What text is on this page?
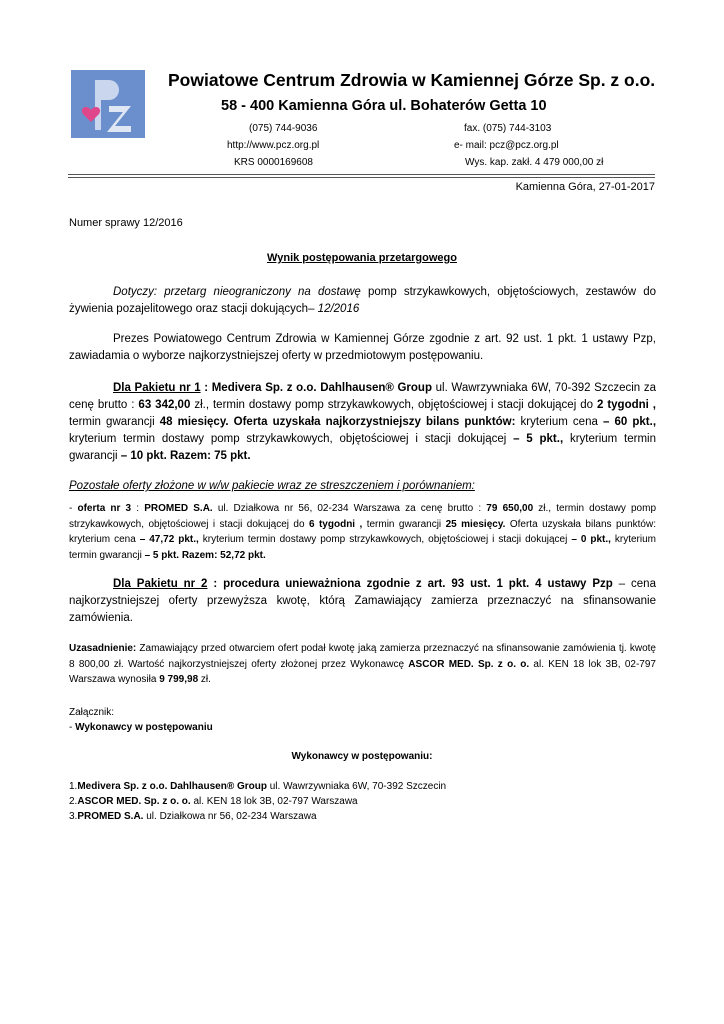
Powiatowe Centrum Zdrowia w Kamiennej Górze Sp. z o.o.
58 - 400 Kamienna Góra ul. Bohaterów Getta 10
(075) 744-9036	fax. (075) 744-3103
http://www.pcz.org.pl	e- mail: pcz@pcz.org.pl
KRS 0000169608	Wys. kap. zakł. 4 479 000,00 zł
Kamienna Góra, 27-01-2017
Numer sprawy 12/2016
Wynik postępowania przetargowego
Dotyczy: przetarg nieograniczony na dostawę pomp strzykawkowych, objętościowych, zestawów do żywienia pozajelitowego oraz stacji dokujących– 12/2016
Prezes Powiatowego Centrum Zdrowia w Kamiennej Górze zgodnie z art. 92 ust. 1 pkt. 1 ustawy Pzp, zawiadamia o wyborze najkorzystniejszej oferty w przedmiotowym postępowaniu.
Dla Pakietu nr 1 : Medivera Sp. z o.o. Dahlhausen® Group ul. Wawrzywniaka 6W, 70-392 Szczecin za cenę brutto : 63 342,00 zł., termin dostawy pomp strzykawkowych, objętościowej i stacji dokującej do 2 tygodni , termin gwarancji 48 miesięcy. Oferta uzyskała najkorzystniejszy bilans punktów: kryterium cena – 60 pkt., kryterium termin dostawy pomp strzykawkowych, objętościowej i stacji dokującej – 5 pkt., kryterium termin gwarancji – 10 pkt. Razem: 75 pkt.
Pozostałe oferty złożone w w/w pakiecie wraz ze streszczeniem i porównaniem:
- oferta nr 3 : PROMED S.A. ul. Działkowa nr 56, 02-234 Warszawa za cenę brutto : 79 650,00 zł., termin dostawy pomp strzykawkowych, objętościowej i stacji dokującej do 6 tygodni , termin gwarancji 25 miesięcy. Oferta uzyskała bilans punktów: kryterium cena – 47,72 pkt., kryterium termin dostawy pomp strzykawkowych, objętościowej i stacji dokującej – 0 pkt., kryterium termin gwarancji – 5 pkt. Razem: 52,72 pkt.
Dla Pakietu nr 2 : procedura unieważniona zgodnie z art. 93 ust. 1 pkt. 4 ustawy Pzp – cena najkorzystniejszej oferty przewyższa kwotę, którą Zamawiający zamierza przeznaczyć na sfinansowanie zamówienia.
Uzasadnienie: Zamawiający przed otwarciem ofert podał kwotę jaką zamierza przeznaczyć na sfinansowanie zamówienia tj. kwotę 8 800,00 zł. Wartość najkorzystniejszej oferty złożonej przez Wykonawcę ASCOR MED. Sp. z o. o. al. KEN 18 lok 3B, 02-797 Warszawa wynosiła 9 799,98 zł.
Załącznik:
- Wykonawcy w postępowaniu
Wykonawcy w postępowaniu:
1.Medivera Sp. z o.o. Dahlhausen® Group ul. Wawrzywniaka 6W, 70-392 Szczecin
2.ASCOR MED. Sp. z o. o. al. KEN 18 lok 3B, 02-797 Warszawa
3.PROMED S.A. ul. Działkowa nr 56, 02-234 Warszawa
